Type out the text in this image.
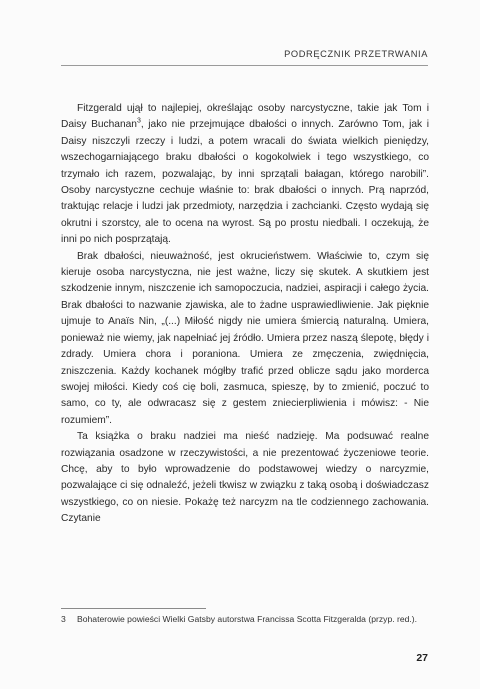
PODRĘCZNIK PRZETRWANIA

Fitzgerald ujął to najlepiej, określając osoby narcystyczne, takie jak Tom i Daisy Buchanan$^3$, jako nie przejmujące dbałości o innych. Zarówno Tom, jak i Daisy niszczyli rzeczy i ludzi, a potem wracali do świata wielkich pieniędzy, wszechogarniającego braku dbałości o kogokolwiek i tego wszystkiego, co trzymało ich razem, pozwalając, by inni sprzątali bałagan, którego narobili”. Osoby narcystyczne cechuje właśnie to: brak dbałości o innych. Prą naprzód, traktując relacje i ludzi jak przedmioty, narzędzia i zachcianki. Często wydają się okrutni i szorstcy, ale to ocena na wyrost. Są po prostu niedbali. I oczekują, że inni po nich posprzątają.

Brak dbałości, nieuważność, jest okrucieństwem. Właściwie to, czym się kieruje osoba narcystyczna, nie jest ważne, liczy się skutek. A skutkiem jest szkodzenie innym, niszczenie ich samopoczucia, nadziei, aspiracji i całego życia. Brak dbałości to nazwanie zjawiska, ale to żadne usprawiedliwienie. Jak pięknie ujmuje to Anaïs Nin, „(...) Miłość nigdy nie umiera śmiercią naturalną. Umiera, ponieważ nie wiemy, jak napełniać jej źródło. Umiera przez naszą ślepotę, błędy i zdrady. Umiera chora i poraniona. Umiera ze zmęczenia, zwiędnięcia, zniszczenia. Każdy kochanek mógłby trafić przed oblicze sądu jako morderca swojej miłości. Kiedy coś cię boli, zasmuca, spieszę, by to zmienić, poczuć to samo, co ty, ale odwracasz się z gestem zniecierpliwienia i mówisz: - Nie rozumiem”.

Ta książka o braku nadziei ma nieść nadzieję. Ma podsuwać realne rozwiązania osadzone w rzeczywistości, a nie prezentować życzeniowe teorie. Chcę, aby to było wprowadzenie do podstawowej wiedzy o narcyzmie, pozwalające ci się odnaleźć, jeżeli tkwisz w związku z taką osobą i doświadczasz wszystkiego, co on niesie. Pokażę też narcyzm na tle codziennego zachowania. Czytanie

3	Bohaterowie powieści Wielki Gatsby autorstwa Francissa Scotta Fitzgeralda (przyp. red.).
27
